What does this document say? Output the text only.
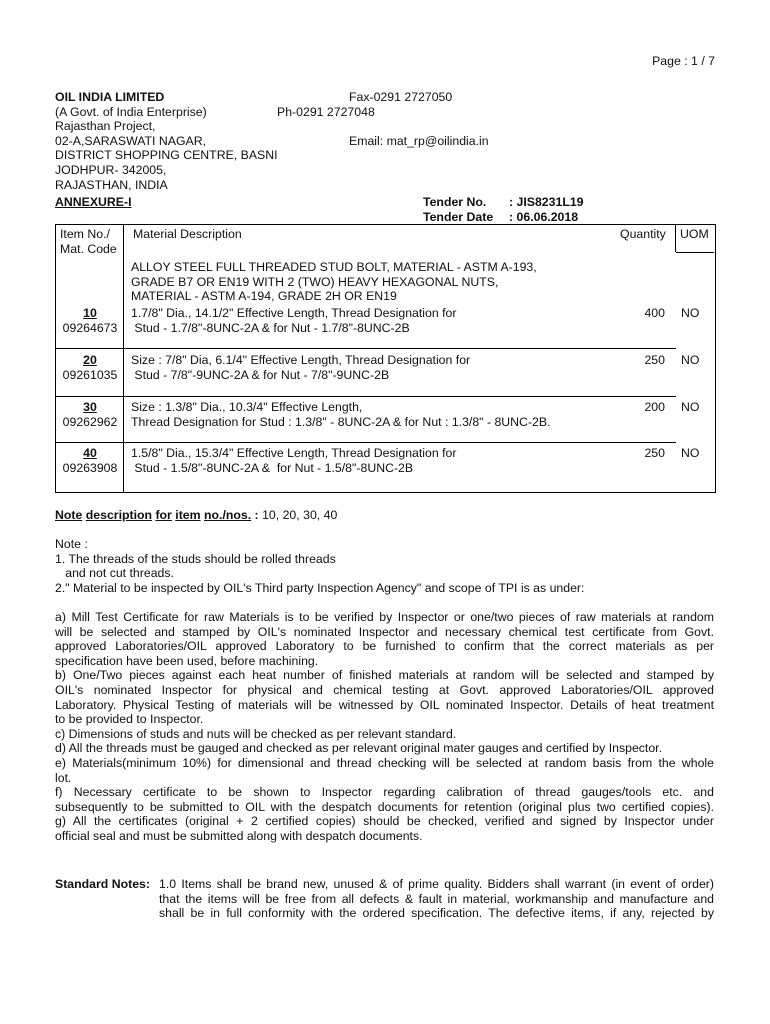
Page : 1 / 7
OIL INDIA LIMITED
(A Govt. of India Enterprise)
Rajasthan Project,
02-A,SARASWATI NAGAR,
DISTRICT SHOPPING CENTRE, BASNI
JODHPUR- 342005,
RAJASTHAN, INDIA
Fax-0291 2727050
Ph-0291 2727048
Email: mat_rp@oilindia.in
ANNEXURE-I	Tender No.	: JIS8231L19
Tender Date	: 06.06.2018
Item No./
Mat. Code
Material Description	Quantity UOM
ALLOY STEEL FULL THREADED STUD BOLT, MATERIAL - ASTM A-193,
GRADE B7 OR EN19 WITH 2 (TWO) HEAVY HEXAGONAL NUTS,
MATERIAL - ASTM A-194, GRADE 2H OR EN19
10
09264673
1.7/8" Dia., 14.1/2" Effective Length, Thread Designation for
Stud - 1.7/8"-8UNC-2A & for Nut - 1.7/8"-8UNC-2B
400 NO
20
09261035
Size : 7/8" Dia, 6.1/4" Effective Length, Thread Designation for
Stud - 7/8"-9UNC-2A & for Nut - 7/8"-9UNC-2B
250 NO
30
09262962
Size : 1.3/8" Dia., 10.3/4" Effective Length,
Thread Designation for Stud : 1.3/8" - 8UNC-2A & for Nut : 1.3/8" - 8UNC-2B.
200 NO
40
09263908
1.5/8" Dia., 15.3/4" Effective Length, Thread Designation for
Stud - 1.5/8"-8UNC-2A &  for Nut - 1.5/8"-8UNC-2B
250 NO
Note description for item no./nos. : 10, 20, 30, 40

Note :

1. The threads of the studs should be rolled threads

and not cut threads.

2." Material to be inspected by OIL's Third party Inspection Agency" and scope of TPI is as under:

a) Mill Test Certificate for raw Materials is to be verified by Inspector or one/two pieces of raw materials at random

will be selected and stamped by OIL's nominated Inspector and necessary chemical test certificate from Govt.

approved Laboratories/OIL approved Laboratory to be furnished to confirm that the correct materials as per

specification have been used, before machining.

b) One/Two pieces against each heat number of finished materials at random will be selected and stamped by

OIL's nominated Inspector for physical and chemical testing at Govt. approved Laboratories/OIL approved

Laboratory. Physical Testing of materials will be witnessed by OIL nominated Inspector. Details of heat treatment

to be provided to Inspector.

c) Dimensions of studs and nuts will be checked as per relevant standard.

d) All the threads must be gauged and checked as per relevant original mater gauges and certified by Inspector.

e) Materials(minimum 10%) for dimensional and thread checking will be selected at random basis from the whole

lot.

f) Necessary certificate to be shown to Inspector regarding calibration of thread gauges/tools etc. and

subsequently to be submitted to OIL with the despatch documents for retention (original plus two certified copies).

g) All the certificates (original + 2 certified copies) should be checked, verified and signed by Inspector under

official seal and must be submitted along with despatch documents.

Standard Notes: 1.0 Items shall be brand new, unused & of prime quality. Bidders shall warrant (in event of order)

that the items will be free from all defects & fault in material, workmanship and manufacture and

shall be in full conformity with the ordered specification. The defective items, if any, rejected by
